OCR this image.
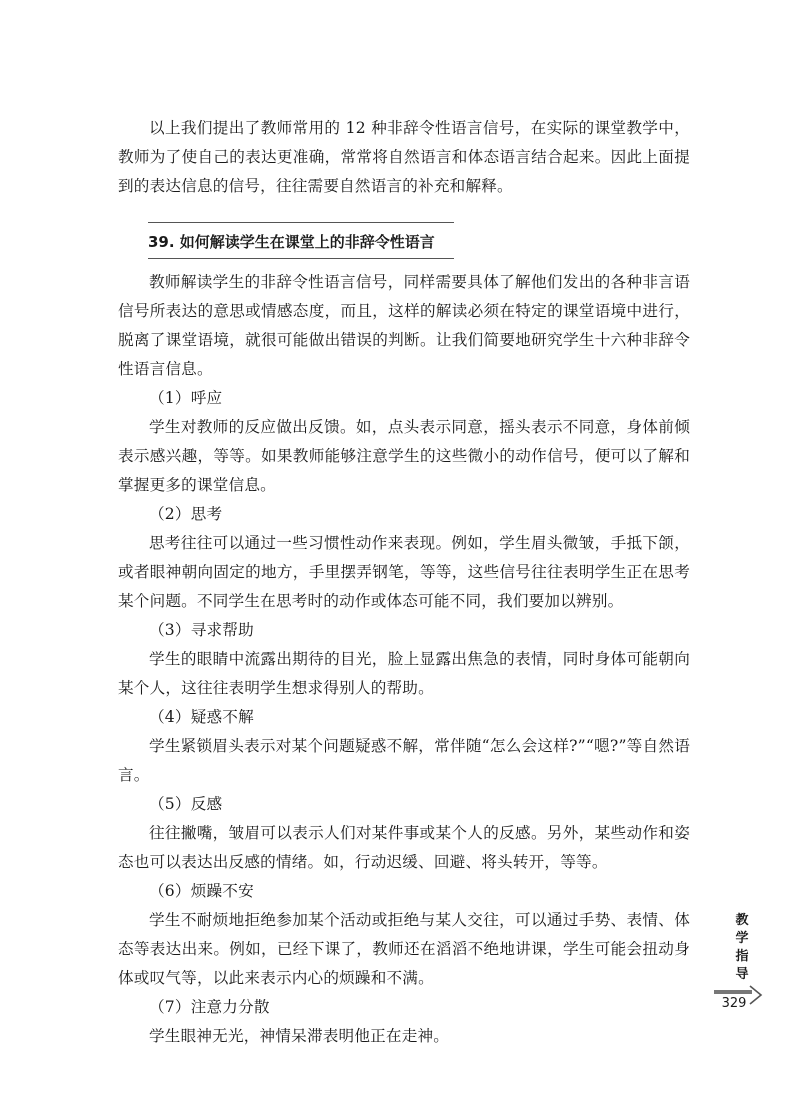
以上我们提出了教师常用的 12 种非辞令性语言信号，在实际的课堂教学中，教师为了使自己的表达更准确，常常将自然语言和体态语言结合起来。因此上面提到的表达信息的信号，往往需要自然语言的补充和解释。

39. 如何解读学生在课堂上的非辞令性语言

教师解读学生的非辞令性语言信号，同样需要具体了解他们发出的各种非言语信号所表达的意思或情感态度，而且，这样的解读必须在特定的课堂语境中进行，脱离了课堂语境，就很可能做出错误的判断。让我们简要地研究学生十六种非辞令性语言信息。

（1）呼应

学生对教师的反应做出反馈。如，点头表示同意，摇头表示不同意，身体前倾表示感兴趣，等等。如果教师能够注意学生的这些微小的动作信号，便可以了解和掌握更多的课堂信息。

（2）思考

思考往往可以通过一些习惯性动作来表现。例如，学生眉头微皱，手抵下颌，或者眼神朝向固定的地方，手里摆弄钢笔，等等，这些信号往往表明学生正在思考某个问题。不同学生在思考时的动作或体态可能不同，我们要加以辨别。

（3）寻求帮助

学生的眼睛中流露出期待的目光，脸上显露出焦急的表情，同时身体可能朝向某个人，这往往表明学生想求得别人的帮助。

（4）疑惑不解

学生紧锁眉头表示对某个问题疑惑不解，常伴随“怎么会这样?”“嗯?”等自然语言。

（5）反感

往往撇嘴，皱眉可以表示人们对某件事或某个人的反感。另外，某些动作和姿态也可以表达出反感的情绪。如，行动迟缓、回避、将头转开，等等。

（6）烦躁不安

学生不耐烦地拒绝参加某个活动或拒绝与某人交往，可以通过手势、表情、体态等表达出来。例如，已经下课了，教师还在滔滔不绝地讲课，学生可能会扭动身体或叹气等，以此来表示内心的烦躁和不满。

（7）注意力分散

学生眼神无光，神情呆滞表明他正在走神。

教
学
指
导
329
